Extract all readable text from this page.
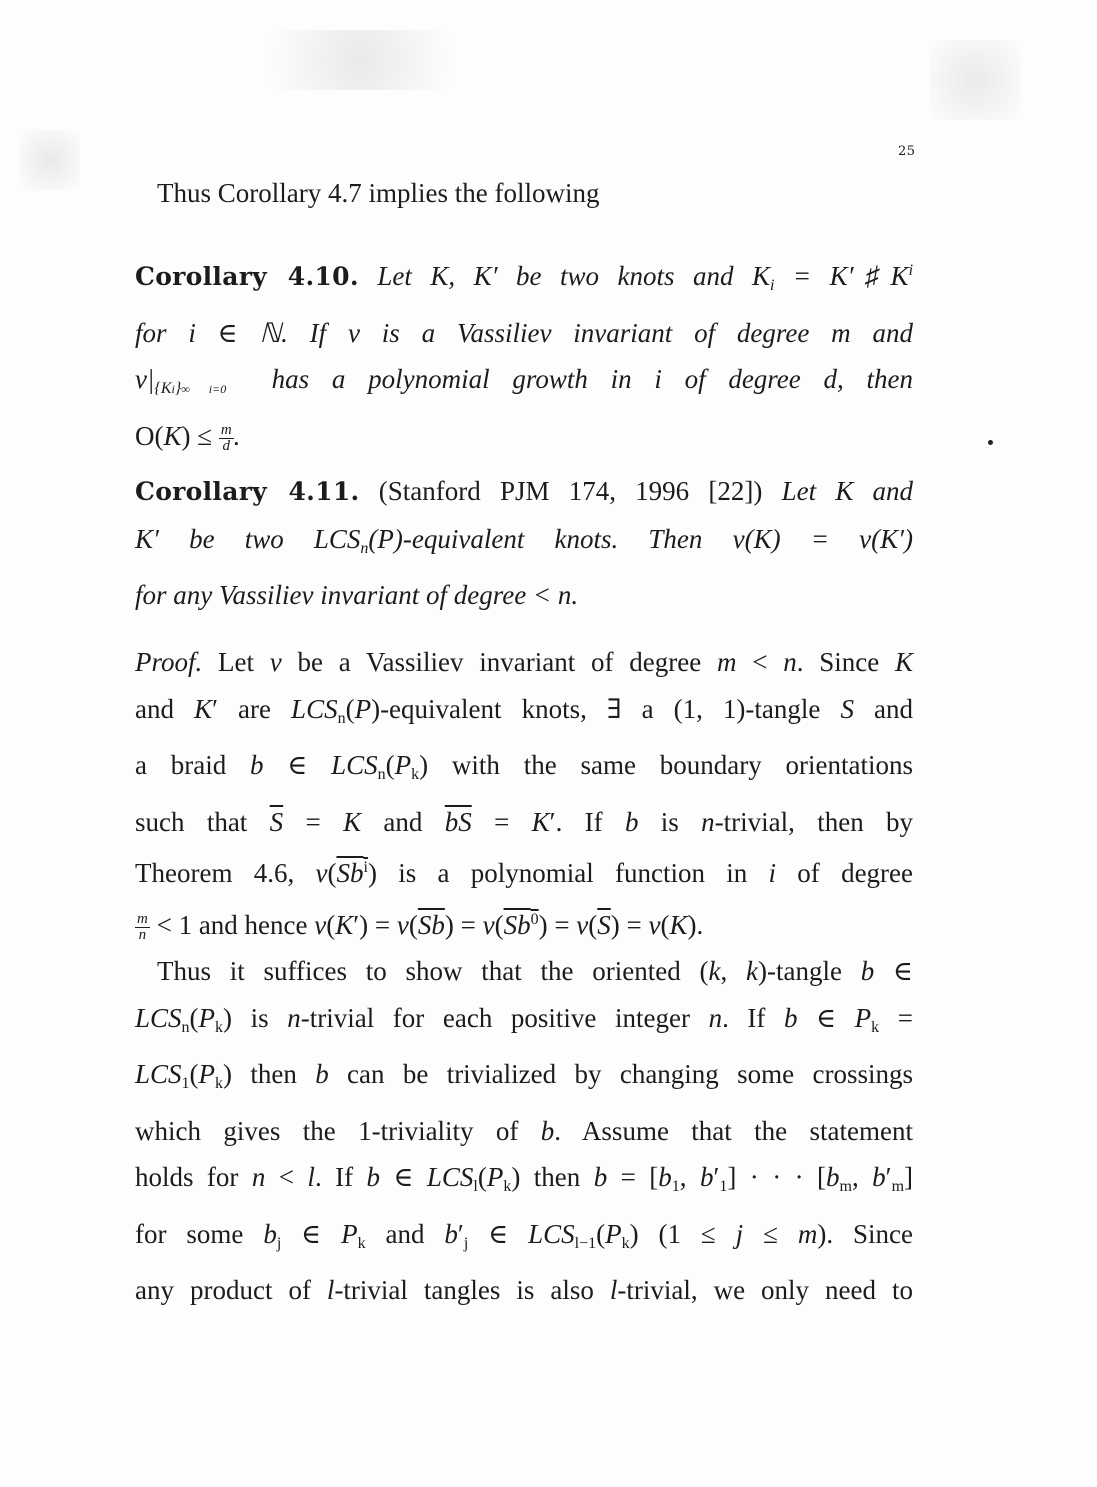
25
Thus Corollary 4.7 implies the following
Corollary 4.10. Let K, K′ be two knots and $K_i$ = $K'♯K^i$
for i ∈ ℕ. If v is a Vassiliev invariant of degree m and
$v|_{\{Ki\}\infty i=0}$  has a polynomial growth in i of degree d, then
$O(K) \le \frac{m}{d}$ .
Corollary 4.11. (Stanford PJM 174, 1996 [22]) Let K and
K′ be two $LCS_n(P)$-equivalent knots. Then v(K) = v(K′)
for any Vassiliev invariant of degree < n.
Proof. Let v be a Vassiliev invariant of degree m < n. Since K
and K′ are $LCS_n(P)$-equivalent knots, ∃ a (1, 1)-tangle S and
a braid b ∈ $LCS_n(P_k)$ with the same boundary orientations
such that $\overline{S} = K$ and $\overline{bS} = K'$. If b is n-trivial, then by
Theorem 4.6, v(Sb$^i$) is a polynomial function in i of degree
$\frac{m}{n} < 1$ and hence $v(K') = v(\overline{Sb}) = v(Sb^0) = v(\overline{S}) = v(K)$.
Thus it suffices to show that the oriented (k, k)-tangle b ∈
$LCS_n(P_k)$ is n-trivial for each positive integer n. If b ∈ $P_k$ =
$LCS_1(P_k)$ then b can be trivialized by changing some crossings
which gives the 1-triviality of b. Assume that the statement
holds for n < l. If b ∈ $LCS_l(P_k)$ then $b = [b_1$, $b'_1$] · · · [$b_m$, $b'_m$]
for some $b_j$ ∈ $P_k$ and $b'_j$ ∈ $LCS_{l-1}(P_k) (1 \le j \le m)$. Since
any product of l-trivial tangles is also l-trivial, we only need to
